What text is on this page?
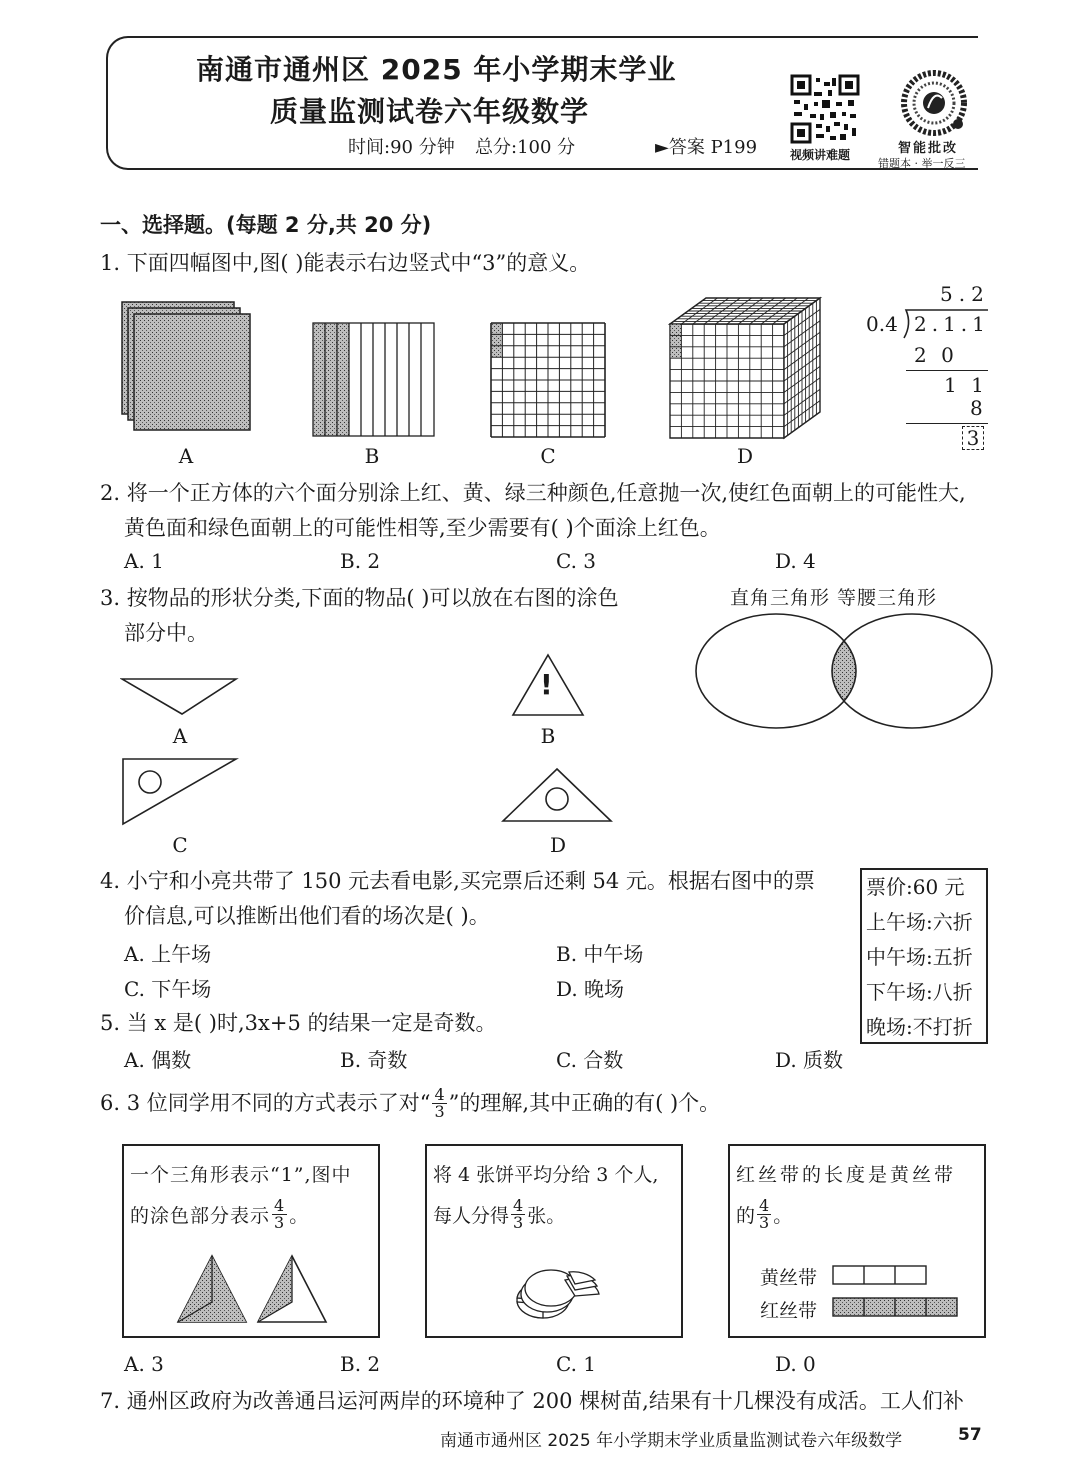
南通市通州区 2025 年小学期末学业
质量监测试卷六年级数学
时间:90 分钟 总分:100 分	►答案 P199	视频讲难题	智能批改
错题本 · 举一反三
一、选择题。(每题 2 分,共 20 分)
1. 下面四幅图中,图( )能表示右边竖式中“3”的意义。
A	B	C	D
5.2
0.4 2.1.1
2 0
1 1
8
3
2. 将一个正方体的六个面分别涂上红、黄、绿三种颜色,任意抛一次,使红色面朝上的可能性大,
黄色面和绿色面朝上的可能性相等,至少需要有( )个面涂上红色。
A. 1	B. 2	C. 3	D. 4
3. 按物品的形状分类,下面的物品( )可以放在右图的涂色
部分中。
直角三角形 等腰三角形
A
!
B
C	D
4. 小宁和小亮共带了 150 元去看电影,买完票后还剩 54 元。根据右图中的票
价信息,可以推断出他们看的场次是( )。
A. 上午场	B. 中午场
C. 下午场	D. 晚场
票价:60 元
上午场:六折
中午场:五折
下午场:八折
晚场:不打折
5. 当 x 是( )时,3x+5 的结果一定是奇数。
A. 偶数	B. 奇数	C. 合数	D. 质数
6. 3 位同学用不同的方式表示了对“ $\frac{4}{3}$ ”的理解,其中正确的有( )个。
一个三角形表示“1”,图中
的涂色部分表示 $\frac{4}{3}$ 。
将 4 张饼平均分给 3 个人,
每人分得 $\frac{4}{3}$ 张。
红丝带的长度是黄丝带
的 $\frac{4}{3}$ 。
黄丝带
红丝带
A. 3	B. 2	C. 1	D. 0
7. 通州区政府为改善通吕运河两岸的环境种了 200 棵树苗,结果有十几棵没有成活。工人们补
南通市通州区 2025 年小学期末学业质量监测试卷六年级数学	57
